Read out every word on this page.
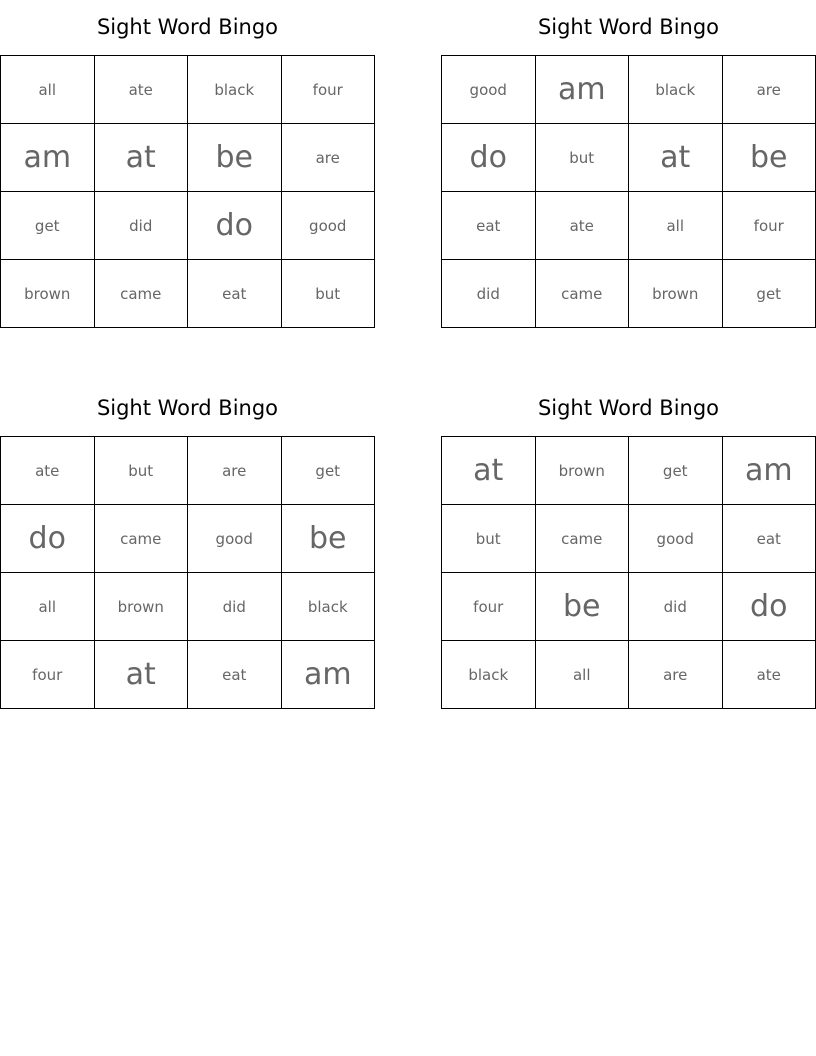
Sight Word Bingo
all	ate	black	four
am	at	be	are
get	did	do	good
brown	came	eat	but
Sight Word Bingo
good	am	black	are
do	but	at	be
eat	ate	all	four
did	came	brown	get
Sight Word Bingo
ate	but	are	get
do	came	good	be
all	brown	did	black
four	at	eat	am
Sight Word Bingo
at	brown	get	am
but	came	good	eat
four	be	did	do
black	all	are	ate
